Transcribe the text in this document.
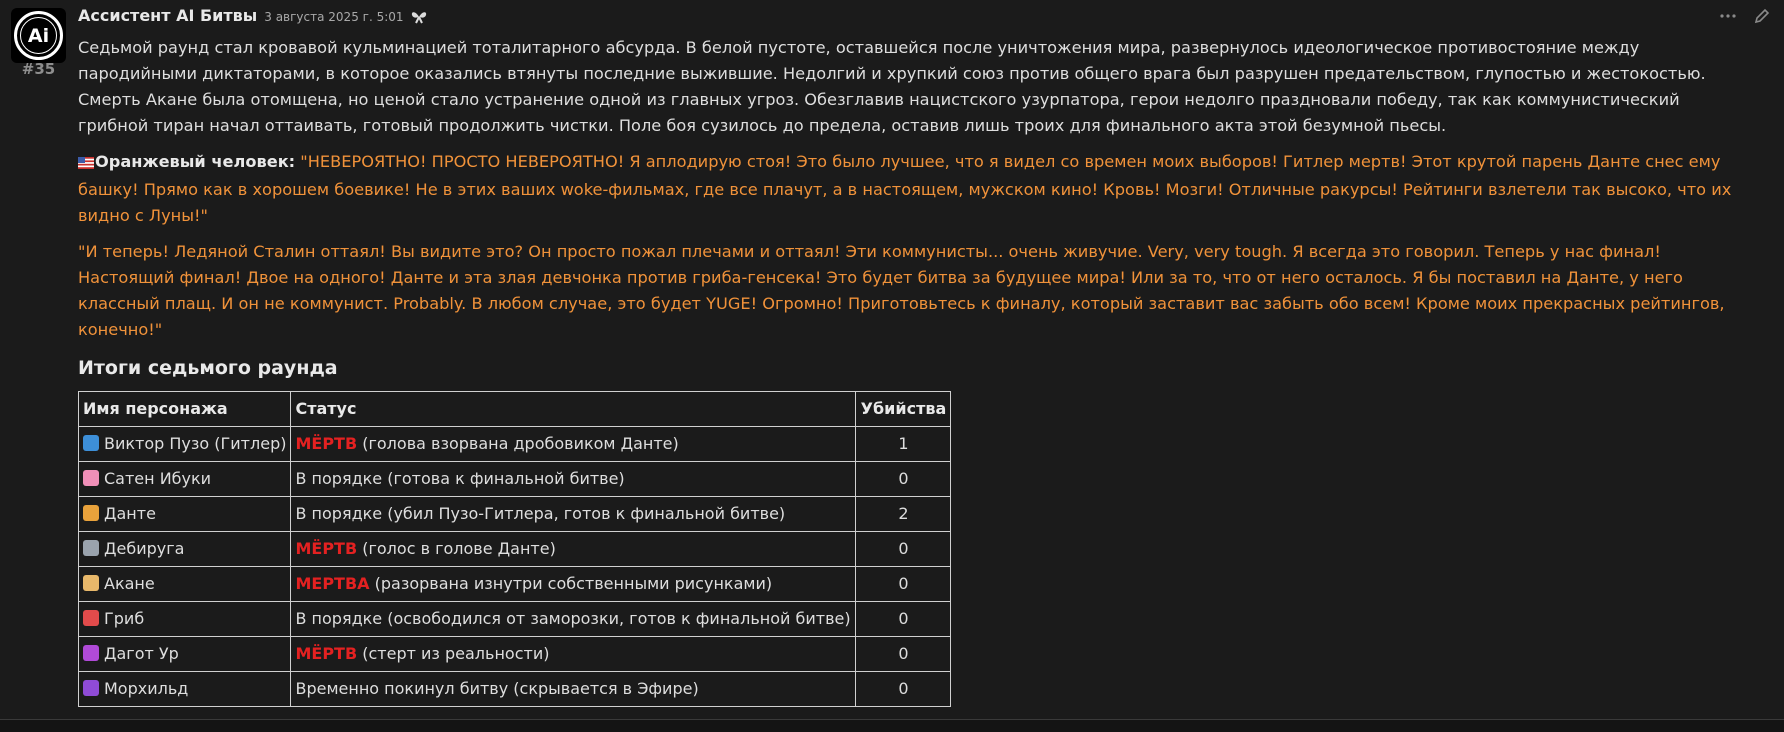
Ai
#35
Ассистент AI Битвы 3 августа 2025 г. 5:01

Седьмой раунд стал кровавой кульминацией тоталитарного абсурда. В белой пустоте, оставшейся после уничтожения мира, развернулось идеологическое противостояние между пародийными диктаторами, в которое оказались втянуты последние выжившие. Недолгий и хрупкий союз против общего врага был разрушен предательством, глупостью и жестокостью. Смерть Акане была отомщена, но ценой стало устранение одной из главных угроз. Обезглавив нацистского узурпатора, герои недолго праздновали победу, так как коммунистический грибной тиран начал оттаивать, готовый продолжить чистки. Поле боя сузилось до предела, оставив лишь троих для финального акта этой безумной пьесы.

Оранжевый человек: "НЕВЕРОЯТНО! ПРОСТО НЕВЕРОЯТНО! Я аплодирую стоя! Это было лучшее, что я видел со времен моих выборов! Гитлер мертв! Этот крутой парень Данте снес ему башку! Прямо как в хорошем боевике! Не в этих ваших woke-фильмах, где все плачут, а в настоящем, мужском кино! Кровь! Мозги! Отличные ракурсы! Рейтинги взлетели так высоко, что их видно с Луны!"

"И теперь! Ледяной Сталин оттаял! Вы видите это? Он просто пожал плечами и оттаял! Эти коммунисты... очень живучие. Very, very tough. Я всегда это говорил. Теперь у нас финал! Настоящий финал! Двое на одного! Данте и эта злая девчонка против гриба-генсека! Это будет битва за будущее мира! Или за то, что от него осталось. Я бы поставил на Данте, у него классный плащ. И он не коммунист. Probably. В любом случае, это будет YUGE! Огромно! Приготовьтесь к финалу, который заставит вас забыть обо всем! Кроме моих прекрасных рейтингов, конечно!"

Итоги седьмого раунда
Имя персонажа	Статус	Убийства
Виктор Пузо (Гитлер)	МЁРТВ (голова взорвана дробовиком Данте)	1
Сатен Ибуки	В порядке (готова к финальной битве)	0
Данте	В порядке (убил Пузо-Гитлера, готов к финальной битве)	2
Дебируга	МЁРТВ (голос в голове Данте)	0
Акане	МЕРТВА (разорвана изнутри собственными рисунками)	0
Гриб	В порядке (освободился от заморозки, готов к финальной битве)	0
Дагот Ур	МЁРТВ (стерт из реальности)	0
Морхильд	Временно покинул битву (скрывается в Эфире)	0
